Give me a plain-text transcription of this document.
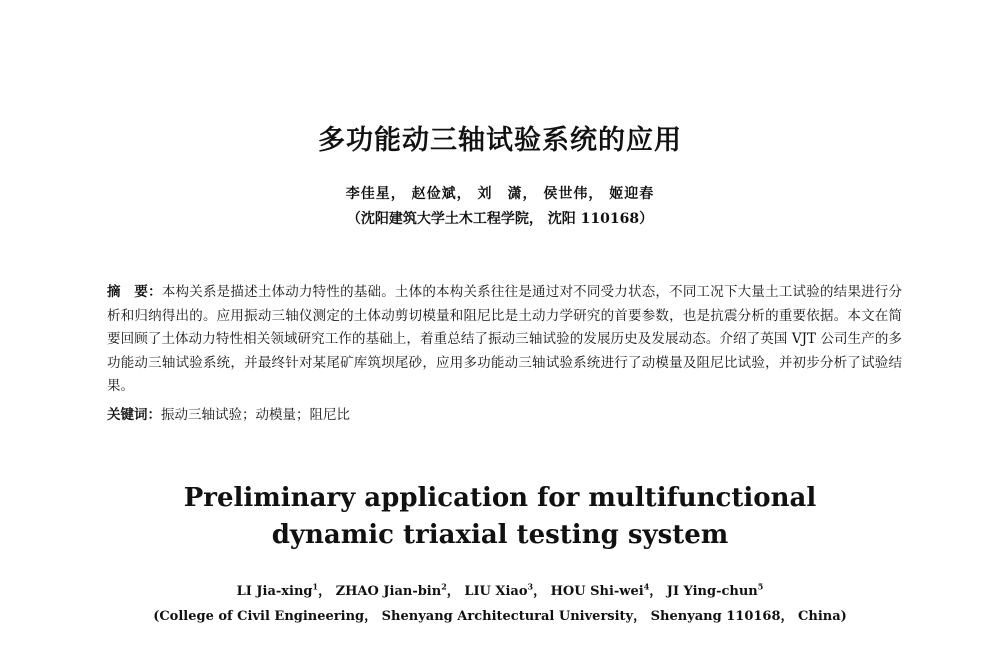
多功能动三轴试验系统的应用
李佳星， 赵俭斌， 刘　潇， 侯世伟， 姬迎春
（沈阳建筑大学土木工程学院， 沈阳 110168）
摘　要：本构关系是描述土体动力特性的基础。土体的本构关系往往是通过对不同受力状态，不同工况下大量土工试验的结果进行分析和归纳得出的。应用振动三轴仪测定的土体动剪切模量和阻尼比是土动力学研究的首要参数，也是抗震分析的重要依据。本文在简要回顾了土体动力特性相关领域研究工作的基础上，着重总结了振动三轴试验的发展历史及发展动态。介绍了英国 VJT 公司生产的多功能动三轴试验系统，并最终针对某尾矿库筑坝尾砂，应用多功能动三轴试验系统进行了动模量及阻尼比试验，并初步分析了试验结果。
关键词：振动三轴试验；动模量；阻尼比
Preliminary application for multifunctional
dynamic triaxial testing system
LI Jia-xing$^1$， ZHAO Jian-bin$^2$， LIU Xiao$^3$， HOU Shi-wei$^4$， JI Ying-chun$^5$
(College of Civil Engineering， Shenyang Architectural University， Shenyang 110168， China)
